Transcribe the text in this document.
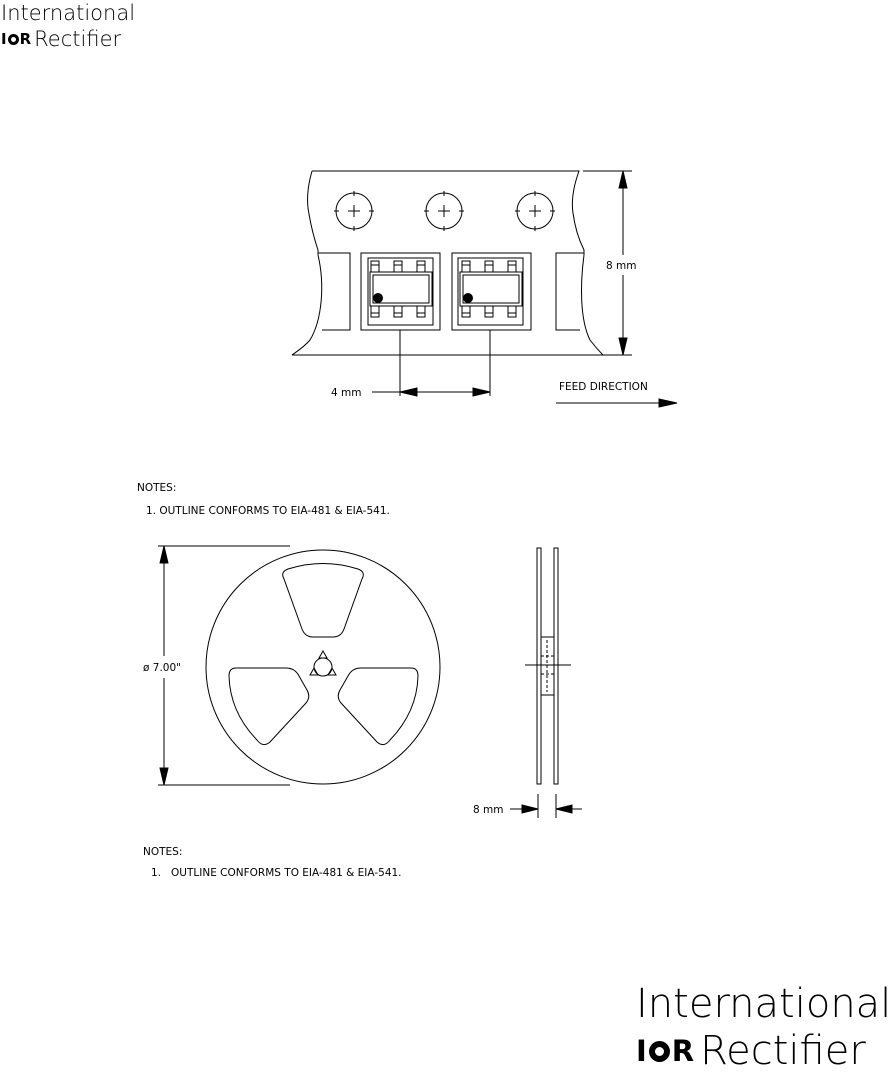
International
I R Rectifier
4 mm
8 mm
FEED DIRECTION
NOTES:
1. OUTLINE CONFORMS TO EIA-481 & EIA-541.
ø 7.00"
8 mm
NOTES:
1.   OUTLINE CONFORMS TO EIA-481 & EIA-541.
International
I R Rectifier
